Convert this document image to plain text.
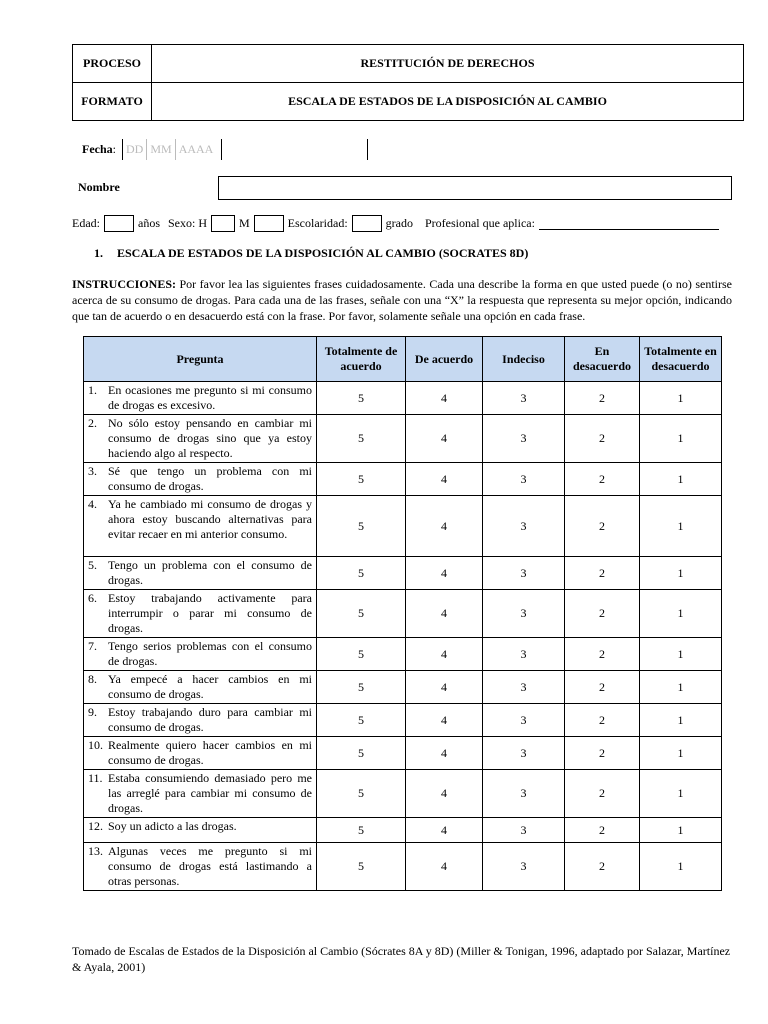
PROCESO	RESTITUCIÓN DE DERECHOS
FORMATO	ESCALA DE ESTADOS DE LA DISPOSICIÓN AL CAMBIO
Fecha : DD MM AAAA
Nombre
Edad:	años Sexo: H	M	Escolaridad:	grado Profesional que aplica:
1. ESCALA DE ESTADOS DE LA DISPOSICIÓN AL CAMBIO (SOCRATES 8D)
INSTRUCCIONES: Por favor lea las siguientes frases cuidadosamente. Cada una describe la forma en que usted puede (o no) sentirse acerca de su consumo de drogas. Para cada una de las frases, señale con una “X” la respuesta que representa su mejor opción, indicando que tan de acuerdo o en desacuerdo está con la frase. Por favor, solamente señale una opción en cada frase.
Pregunta	Totalmente de acuerdo	De acuerdo	Indeciso	En desacuerdo	Totalmente en desacuerdo

1. En ocasiones me pregunto si mi consumo de drogas es excesivo.	5	4	3	2	1

2. No sólo estoy pensando en cambiar mi consumo de drogas sino que ya estoy haciendo algo al respecto.	5	4	3	2	1

3. Sé que tengo un problema con mi consumo de drogas.	5	4	3	2	1

4. Ya he cambiado mi consumo de drogas y ahora estoy buscando alternativas para evitar recaer en mi anterior consumo.	5	4	3	2	1

5. Tengo un problema con el consumo de drogas.	5	4	3	2	1

6. Estoy trabajando activamente para interrumpir o parar mi consumo de drogas.	5	4	3	2	1

7. Tengo serios problemas con el consumo de drogas.	5	4	3	2	1

8. Ya empecé a hacer cambios en mi consumo de drogas.	5	4	3	2	1

9. Estoy trabajando duro para cambiar mi consumo de drogas.	5	4	3	2	1

10. Realmente quiero hacer cambios en mi consumo de drogas.	5	4	3	2	1

11. Estaba consumiendo demasiado pero me las arreglé para cambiar mi consumo de drogas.	5	4	3	2	1

12. Soy un adicto a las drogas.	5	4	3	2	1

13. Algunas veces me pregunto si mi consumo de drogas está lastimando a otras personas.	5	4	3	2	1
Tomado de Escalas de Estados de la Disposición al Cambio (Sócrates 8A y 8D) (Miller & Tonigan, 1996, adaptado por Salazar, Martínez & Ayala, 2001)
